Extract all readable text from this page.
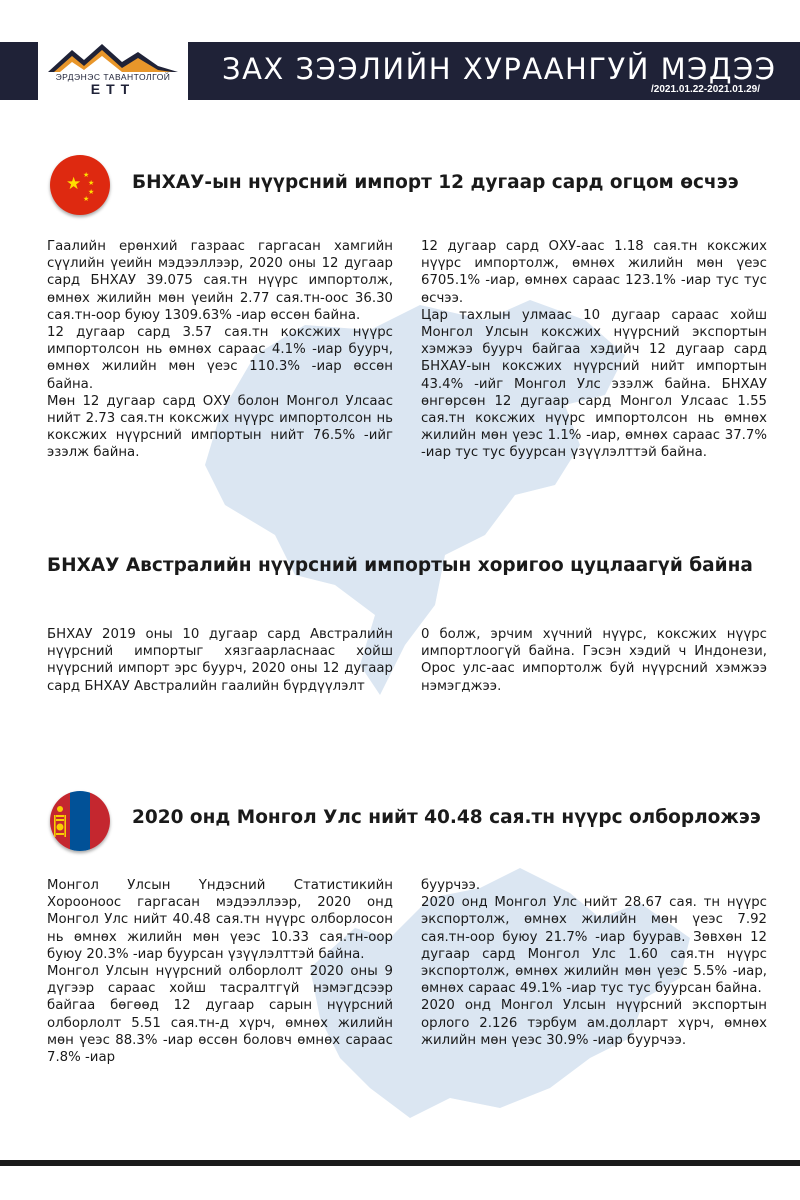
ЭРДЭНЭС ТАВАНТОЛГОЙ
ЕТТ
ЗАХ ЗЭЭЛИЙН ХУРААНГУЙ МЭДЭЭ
/2021.01.22-2021.01.29/
★ ★
★
★
★
БНХАУ-ын нүүрсний импорт 12 дугаар сард огцом өсчээ

Гаалийн ерөнхий газраас гаргасан хамгийн сүүлийн үеийн мэдээллээр, 2020 оны 12 дугаар сард БНХАУ 39.075 сая.тн нүүрс импортолж, өмнөх жилийн мөн үеийн 2.77 сая.тн-оос 36.30 сая.тн-оор буюу 1309.63% -иар өссөн байна.

12 дугаар сард 3.57 сая.тн коксжих нүүрс импортолсон нь өмнөх сараас 4.1% -иар буурч, өмнөх жилийн мөн үеэс 110.3% -иар өссөн байна.

Мөн 12 дугаар сард ОХУ болон Монгол Улсаас нийт 2.73 сая.тн коксжих нүүрс импортолсон нь коксжих нүүрсний импортын нийт 76.5% -ийг эзэлж байна.

12 дугаар сард ОХУ-аас 1.18 сая.тн коксжих нүүрс импортолж, өмнөх жилийн мөн үеэс 6705.1% -иар, өмнөх сараас 123.1% -иар тус тус өсчээ.

Цар тахлын улмаас 10 дугаар сараас хойш Монгол Улсын коксжих нүүрсний экспортын хэмжээ буурч байгаа хэдийч 12 дугаар сард БНХАУ-ын коксжих нүүрсний нийт импортын 43.4% -ийг Монгол Улс эзэлж байна. БНХАУ өнгөрсөн 12 дугаар сард Монгол Улсаас 1.55 сая.тн коксжих нүүрс импортолсон нь өмнөх жилийн мөн үеэс 1.1% -иар, өмнөх сараас 37.7% -иар тус тус буурсан үзүүлэлттэй байна.

БНХАУ Австралийн нүүрсний импортын хоригоо цуцлаагүй байна

БНХАУ 2019 оны 10 дугаар сард Австралийн нүүрсний импортыг хязгаарласнаас хойш нүүрсний импорт эрс буурч, 2020 оны 12 дугаар сард БНХАУ Австралийн гаалийн бүрдүүлэлт

0 болж, эрчим хүчний нүүрс, коксжих нүүрс импортлоогүй байна. Гэсэн хэдий ч Индонези, Орос улс-аас импортолж буй нүүрсний хэмжээ нэмэгджээ.

2020 онд Монгол Улс нийт 40.48 сая.тн нүүрс олборложээ

Монгол Улсын Үндэсний Статистикийн Хорооноос гаргасан мэдээллээр, 2020 онд Монгол Улс нийт 40.48 сая.тн нүүрс олборлосон нь өмнөх жилийн мөн үеэс 10.33 сая.тн-оор буюу 20.3% -иар буурсан үзүүлэлттэй байна.

Монгол Улсын нүүрсний олборлолт 2020 оны 9 дүгээр сараас хойш тасралтгүй нэмэгдсээр байгаа бөгөөд 12 дугаар сарын нүүрсний олборлолт 5.51 сая.тн-д хүрч, өмнөх жилийн мөн үеэс 88.3% -иар өссөн боловч өмнөх сараас 7.8% -иар

буурчээ.

2020 онд Монгол Улс нийт 28.67 сая. тн нүүрс экспортолж, өмнөх жилийн мөн үеэс 7.92 сая.тн-оор буюу 21.7% -иар буурав. Зөвхөн 12 дугаар сард Монгол Улс 1.60 сая.тн нүүрс экспортолж, өмнөх жилийн мөн үеэс 5.5% -иар, өмнөх сараас 49.1% -иар тус тус буурсан байна.

2020 онд Монгол Улсын нүүрсний экспортын орлого 2.126 тэрбум ам.долларт хүрч, өмнөх жилийн мөн үеэс 30.9% -иар буурчээ.
